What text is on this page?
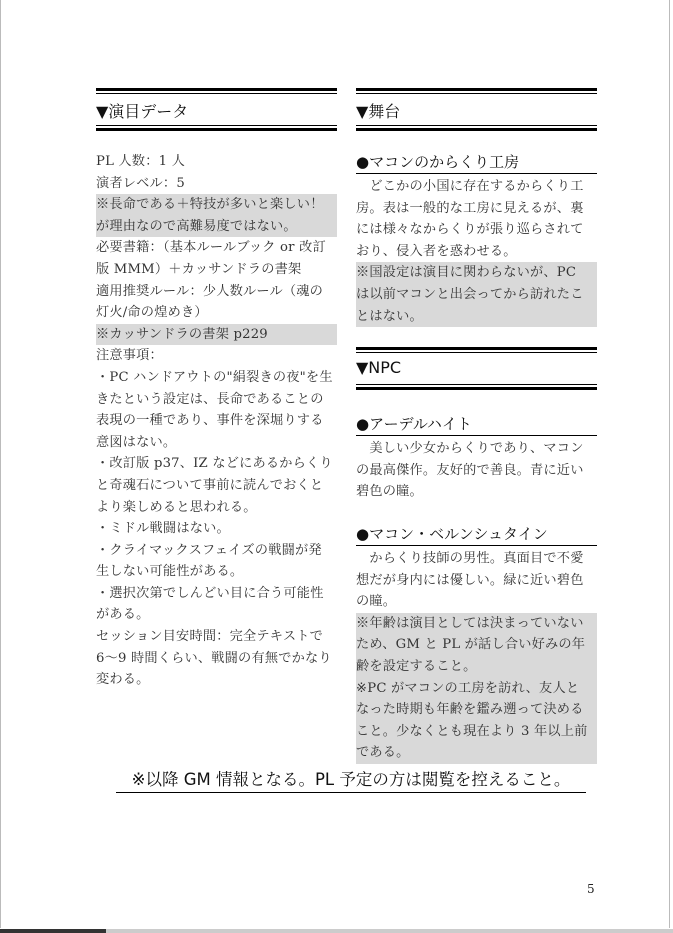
▼演目データ
PL 人数：1 人
演者レベル：5
※長命である＋特技が多いと楽しい！
が理由なので高難易度ではない。
必要書籍：（基本ルールブック or 改訂
版 MMM）＋カッサンドラの書架
適用推奨ルール：少人数ルール（魂の
灯火/命の煌めき）
※カッサンドラの書架 p229
注意事項：
・PC ハンドアウトの"絹裂きの夜"を生
きたという設定は、長命であることの
表現の一種であり、事件を深堀りする
意図はない。
・改訂版 p37、IZ などにあるからくり
と奇魂石について事前に読んでおくと
より楽しめると思われる。
・ミドル戦闘はない。
・クライマックスフェイズの戦闘が発
生しない可能性がある。
・選択次第でしんどい目に合う可能性
がある。
セッション目安時間：完全テキストで
6〜9 時間くらい、戦闘の有無でかなり
変わる。
▼舞台
●マコンのからくり工房
　どこかの小国に存在するからくり工
房。表は一般的な工房に見えるが、裏
には様々なからくりが張り巡らされて
おり、侵入者を惑わせる。
※国設定は演目に関わらないが、PC
は以前マコンと出会ってから訪れたこ
とはない。
▼NPC
●アーデルハイト
　美しい少女からくりであり、マコン
の最高傑作。友好的で善良。青に近い
碧色の瞳。
●マコン・ベルンシュタイン
　からくり技師の男性。真面目で不愛
想だが身内には優しい。緑に近い碧色
の瞳。
※年齢は演目としては決まっていない
ため、GM と PL が話し合い好みの年
齢を設定すること。
※PC がマコンの工房を訪れ、友人と
なった時期も年齢を鑑み遡って決める
こと。少なくとも現在より 3 年以上前
である。
※以降 GM 情報となる。PL 予定の方は閲覧を控えること。
5
